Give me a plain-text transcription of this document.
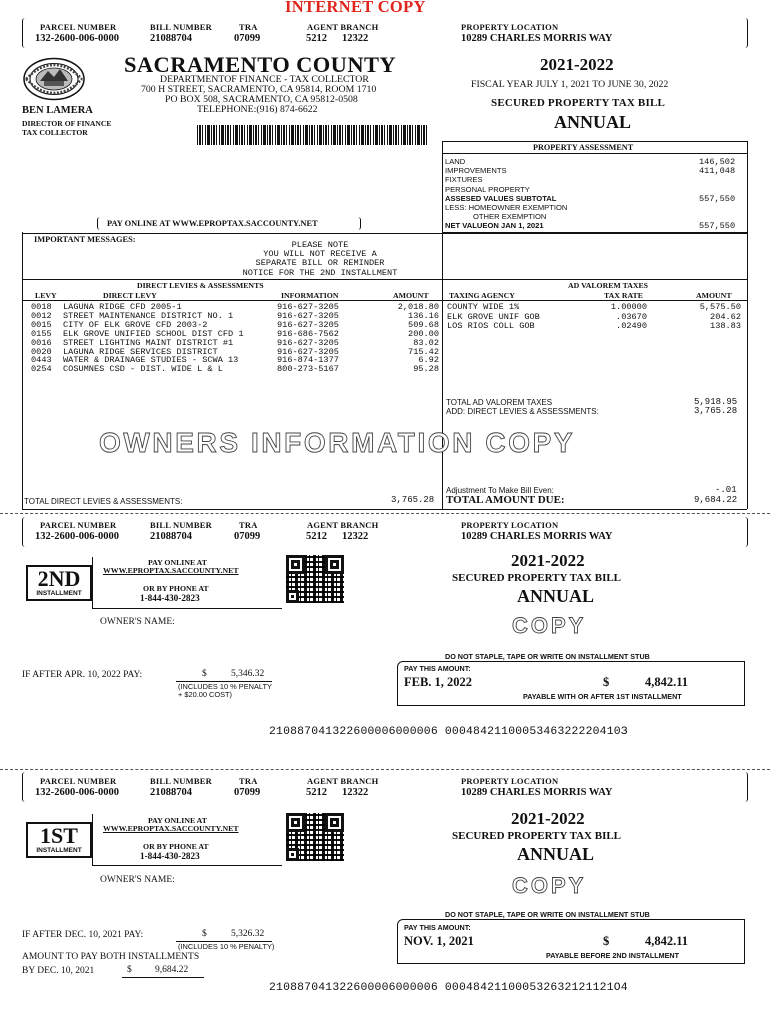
INTERNET COPY
PARCEL NUMBER
132-2600-006-0000
BILL NUMBER
21088704
TRA
07099
AGENT BRANCH
5212 12322
PROPERTY LOCATION
10289 CHARLES MORRIS WAY
SACRAMENTO COUNTY
DEPARTMENTOF FINANCE - TAX COLLECTOR
700 H STREET, SACRAMENTO, CA 95814, ROOM 1710
PO BOX 508, SACRAMENTO, CA 95812-0508
TELEPHONE:(916) 874-6622
BEN LAMERA
DIRECTOR OF FINANCE
TAX COLLECTOR
2021-2022
FISCAL YEAR JULY 1, 2021 TO JUNE 30, 2022
SECURED PROPERTY TAX BILL
ANNUAL
PAY ONLINE AT WWW.EPROPTAX.SACCOUNTY.NET
PROPERTY ASSESSMENT
LAND	146,502
IMPROVEMENTS	411,048
FIXTURES
PERSONAL PROPERTY
ASSESED VALUES SUBTOTAL	557,550
LESS: HOMEOWNER EXEMPTION
OTHER EXEMPTION
NET VALUEON JAN 1, 2021	557,550
IMPORTANT MESSAGES:
PLEASE NOTE
YOU WILL NOT RECEIVE A
SEPARATE BILL OR REMINDER
NOTICE FOR THE 2ND INSTALLMENT
DIRECT LEVIES & ASSESSMENTS	AD VALOREM TAXES
LEVY	DIRECT LEVY	INFORMATION	AMOUNT	TAXING AGENCY	TAX RATE	AMOUNT
0018 LAGUNA RIDGE CFD 2005-1	916-627-3205	2,018.80
0012 STREET MAINTENANCE DISTRICT NO. 1	916-627-3205	136.16
0015 CITY OF ELK GROVE CFD 2003-2	916-627-3205	509.68
0155 ELK GROVE UNIFIED SCHOOL DIST CFD 1	916-686-7562	200.00
0016 STREET LIGHTING MAINT DISTRICT #1	916-627-3205	83.02
0020 LAGUNA RIDGE SERVICES DISTRICT	916-627-3205	715.42
0443 WATER & DRAINAGE STUDIES - SCWA 13	916-874-1377	6.92
0254 COSUMNES CSD - DIST. WIDE L & L	800-273-5167	95.28
COUNTY WIDE 1%	1.00000	5,575.50
ELK GROVE UNIF GOB	.03670	204.62
LOS RIOS COLL GOB	.02490	138.83
TOTAL AD VALOREM TAXES	5,918.95
ADD: DIRECT LEVIES & ASSESSMENTS:	3,765.28
OWNERS INFORMATION COPY
Adjustment To Make Bill Even:	-.01
TOTAL DIRECT LEVIES & ASSESSMENTS:	3,765.28 TOTAL AMOUNT DUE:	9,684.22
PARCEL NUMBER
132-2600-006-0000
BILL NUMBER
21088704
TRA
07099
AGENT BRANCH
5212 12322
PROPERTY LOCATION
10289 CHARLES MORRIS WAY
2ND
INSTALLMENT
PAY ONLINE AT
WWW.EPROPTAX.SACCOUNTY.NET
OR BY PHONE AT
1-844-430-2823
2021-2022
SECURED PROPERTY TAX BILL
ANNUAL
COPY
OWNER'S NAME:
DO NOT STAPLE, TAPE OR WRITE ON INSTALLMENT STUB
PAY THIS AMOUNT:
FEB. 1, 2022	$	4,842.11
PAYABLE WITH OR AFTER 1ST INSTALLMENT
IF AFTER APR. 10, 2022 PAY:	$	5,346.32
(INCLUDES 10 % PENALTY
+ $20.00 COST)
210887041322600006000006 0004842110005346322220410З
PARCEL NUMBER
132-2600-006-0000
BILL NUMBER
21088704
TRA
07099
AGENT BRANCH
5212 12322
PROPERTY LOCATION
10289 CHARLES MORRIS WAY
1ST
INSTALLMENT
PAY ONLINE AT
WWW.EPROPTAX.SACCOUNTY.NET
OR BY PHONE AT
1-844-430-2823
2021-2022
SECURED PROPERTY TAX BILL
ANNUAL
COPY
OWNER'S NAME:
DO NOT STAPLE, TAPE OR WRITE ON INSTALLMENT STUB
PAY THIS AMOUNT:
NOV. 1, 2021	$	4,842.11
PAYABLE BEFORE 2ND INSTALLMENT
IF AFTER DEC. 10, 2021 PAY:	$	5,326.32
(INCLUDES 10 % PENALTY)
AMOUNT TO PAY BOTH INSTALLMENTS
BY DEC. 10, 2021	$ 9,684.22
210887041322600006000006 000484211000532632121121О4
